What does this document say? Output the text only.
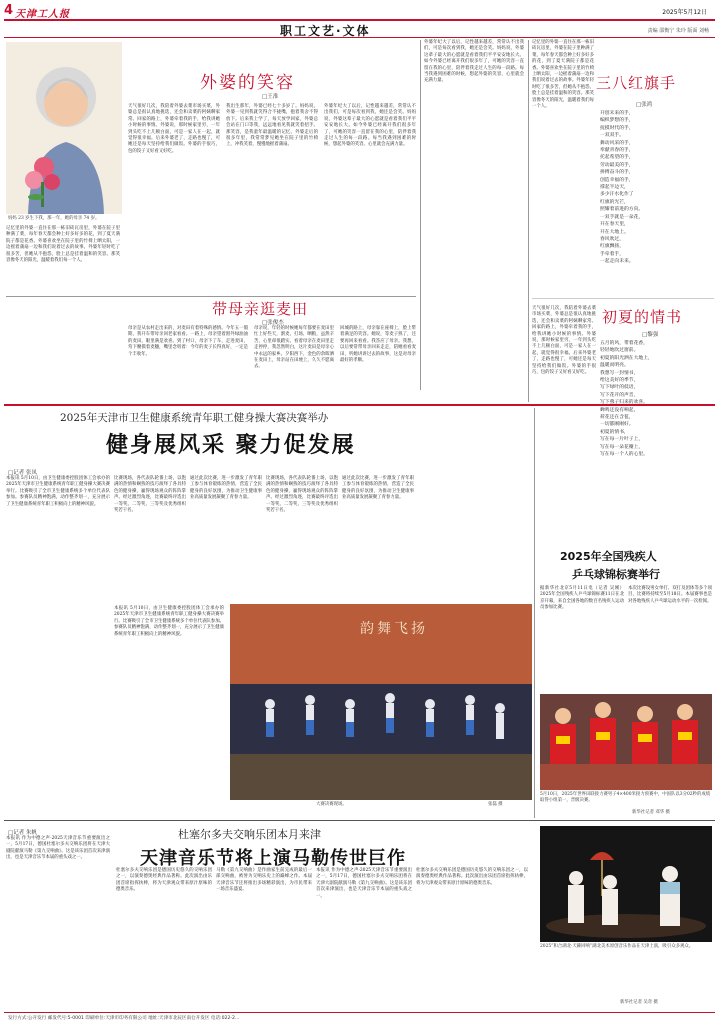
4 天津工人报	2025年5月12日
职工文艺·文体	责编 邵衡宁 朱玲 版面 刘畅
妈妈 23 岁生下我，那一年，她的母亲 74 岁。
外婆的笑容
□王淮
记忆里的外婆一直住在那一栋旧砖瓦房里，外婆在院子里种满了菜，每年春天都会种上好多好多的花，到了夏天满院子都是花香。外婆喜欢坐在院子里的竹椅上晒太阳，一边摇着蒲扇一边和我们说着过去的故事。外婆年轻时吃了很多苦，但她从不抱怨，脸上总是挂着温和的笑容。那笑容像冬天的阳光，温暖着我们每一个人。
天气很好几次，我陪着外婆去菜市场买菜，外婆总是很认真地挑选，还会和卖菜的阿姨聊家常。回家的路上，外婆牵着我的手，给我讲她小时候的事情。外婆说，那时候家里穷，一年到头吃不上几顿白面，可是一家人在一起，就觉得很幸福。后来外婆老了，走路也慢了，可她还是每天坚持给我们做饭。外婆的手很巧，包的饺子又好看又好吃。
我出生那年，外婆已经七十多岁了。妈妈说，外婆一见到我就笑得合不拢嘴，抱着我舍不得放下。后来我上学了，每天放学回家，外婆总会站在门口等我，远远地看见我就笑着招手。那笑容，是我童年最温暖的记忆。外婆走后的很多年里，我常常梦见她坐在院子里的竹椅上，冲我笑着，慢慢地摇着蒲扇。
外婆年纪大了以后，记性越来越差，常常认不出我们，可是每次看到我，她还是会笑。妈妈说，外婆这辈子最大的心愿就是看着我们平平安安地长大。如今外婆已经离开我们很多年了，可她的笑容一直留在我的心里，陪伴着我走过人生的每一段路。每当我遇到困难的时候，想起外婆的笑容，心里就会充满力量。
外婆年纪大了以后，记性越来越差，常常认不出我们，可是每次看到我，她还是会笑。妈妈说，外婆这辈子最大的心愿就是看着我们平平安安地长大。如今外婆已经离开我们很多年了，可她的笑容一直留在我的心里，陪伴着我走过人生的每一段路。每当我遇到困难的时候，想起外婆的笑容，心里就会充满力量。
带母亲逛麦田
□张俊杰
母亲是从农村走出来的，对麦田有着特殊的感情。今年五一假期，我开车带母亲回老家看看。一路上，母亲望着窗外绿油油的麦田，眼里满是欢喜。到了村口，母亲下了车，走进麦田，弯下腰摸着麦穗，嘴里念叨着：今年的麦子长得真好，一定是个丰收年。
母亲说，年轻的时候她每年都要在麦田里忙上好些天，割麦、打场、晒粮，虽然辛苦，心里却很踏实。看着母亲在麦田里走走停停，我忽然明白，这片麦田是母亲心中永远的家乡。夕阳西下，金色的余晖洒在麦田上，母亲站在田埂上，久久不愿离去。
回城的路上，母亲靠在座椅上，脸上带着满足的笑容。她说，等麦子熟了，还要再回来看看。我答应了母亲。我想，以后要常带母亲回来走走，陪她看看麦田，听她讲讲过去的故事，这是对母亲最好的孝顺。
三八红旗手
□张鸿
开创未来的手，
编织梦想的手，
抚摸时代的手，
一双双手。
舞动风采的手，
奉献青春的手，
托起希望的手，
劳动最美的手，
拼搏奋斗的手，
创造幸福的手，
撑起半边天，
多少汗水化作了
红旗的光芒，
照耀着前进的方向。
一双手就是一朵花，
开在春天里，
开在大地上。
春风吹过，
红旗飘扬，
手牵着手，
一起走向未来。
初夏的情书
□黎强
五月的风，带着花香，
轻轻地吹过窗前。
初夏的阳光洒在大地上，
温暖而明亮。
我想写一封情书，
给这美好的季节，
写下绿叶的低语，
写下花开的声音，
写下燕子归来的欢喜。
蝉鸣还没有响起，
荷花还在含苞，
一切都刚刚好。
初夏的情书，
写在每一片叶子上，
写在每一朵花瓣上，
写在每一个人的心里。
记忆里的外婆一直住在那一栋旧砖瓦房里，外婆在院子里种满了菜，每年春天都会种上好多好多的花，到了夏天满院子都是花香。外婆喜欢坐在院子里的竹椅上晒太阳，一边摇着蒲扇一边和我们说着过去的故事。外婆年轻时吃了很多苦，但她从不抱怨，脸上总是挂着温和的笑容。那笑容像冬天的阳光，温暖着我们每一个人。
天气很好几次，我陪着外婆去菜市场买菜，外婆总是很认真地挑选，还会和卖菜的阿姨聊家常。回家的路上，外婆牵着我的手，给我讲她小时候的事情。外婆说，那时候家里穷，一年到头吃不上几顿白面，可是一家人在一起，就觉得很幸福。后来外婆老了，走路也慢了，可她还是每天坚持给我们做饭。外婆的手很巧，包的饺子又好看又好吃。
2025年天津市卫生健康系统青年职工健身操大赛决赛举办
健身展风采 聚力促发展
□记者 张凤
本报讯 5月10日，由卫生健康委控股团体工会承办的2025年天津市卫生健康系统青年职工健身操大赛决赛举行。比赛吸引了全市卫生健康系统多个单位代表队参加。参赛队员精神饱满，动作整齐划一，充分展示了卫生健康系统青年职工积极向上的精神风貌。
比赛现场，各代表队轮番上场，以饱满的热情和娴熟的技巧演绎了各具特色的健身操，赢得现场观众的阵阵掌声。经过激烈角逐，比赛最终评选出一等奖、二等奖、三等奖及优秀组织奖若干名。
通过此次比赛，进一步激发了青年职工参与体育锻炼的热情，营造了全民健身的良好氛围，为推动卫生健康事业高质量发展凝聚了青春力量。
比赛现场，各代表队轮番上场，以饱满的热情和娴熟的技巧演绎了各具特色的健身操，赢得现场观众的阵阵掌声。经过激烈角逐，比赛最终评选出一等奖、二等奖、三等奖及优秀组织奖若干名。
通过此次比赛，进一步激发了青年职工参与体育锻炼的热情，营造了全民健身的良好氛围，为推动卫生健康事业高质量发展凝聚了青春力量。
本报讯 5月10日，由卫生健康委控股团体工会承办的2025年天津市卫生健康系统青年职工健身操大赛决赛举行。比赛吸引了全市卫生健康系统多个单位代表队参加。参赛队员精神饱满，动作整齐划一，充分展示了卫生健康系统青年职工积极向上的精神风貌。	韵舞飞扬
大赛决赛现场。	张磊 摄
2025年全国残疾人
乒乓球锦标赛举行
据新华社北京5月11日电（记者 吴刚）2025年全国残疾人乒乓球锦标赛11日在北京开幕，来自全国各地的数百名残疾人运动员参加比赛。
本次比赛设男女单打、双打及团体等多个项目，比赛将持续至5月18日。本届赛事也是对各地残疾人乒乓球运动水平的一次检阅。
5月10日，2025年世界田联接力赛男子4×400米接力预赛中，中国队以3分02秒的成绩取得小组第一，晋级决赛。
新华社记者 邓华 摄
杜塞尔多夫交响乐团本月来津
天津音乐节将上演马勒传世巨作
□记者 朱帆
本报讯 作为中德之声·2025天津音乐节重要演出之一，5月17日，德国杜塞尔多夫交响乐团将在天津大剧院献演马勒《第九交响曲》。这是该乐团首次来津演出，也是天津音乐节本届的重头戏之一。
杜塞尔多夫交响乐团是德国历史悠久的交响乐团之一，以演奏德奥经典作品著称。此次演出由乐团首席指挥执棒，将为天津观众带来原汁原味的德奥音乐。
马勒《第九交响曲》是作曲家生前完成的最后一部交响曲，被誉为交响乐史上的巅峰之作。本届天津音乐节还将推出多场精彩演出，为市民带来一场音乐盛宴。
本报讯 作为中德之声·2025天津音乐节重要演出之一，5月17日，德国杜塞尔多夫交响乐团将在天津大剧院献演马勒《第九交响曲》。这是该乐团首次来津演出，也是天津音乐节本届的重头戏之一。
杜塞尔多夫交响乐团是德国历史悠久的交响乐团之一，以演奏德奥经典作品著称。此次演出由乐团首席指挥执棒，将为天津观众带来原汁原味的德奥音乐。
2025“和合湖北·天籁回响”湖北美术原创音乐作品在天津上演，吸引众多观众。
新华社记者 吴奇 摄
发行方式:公开发行 邮发代号:5-0001 印刷单位:天津市印务有限公司 地址:天津市北辰区南仓开发区 电话:022-2...
